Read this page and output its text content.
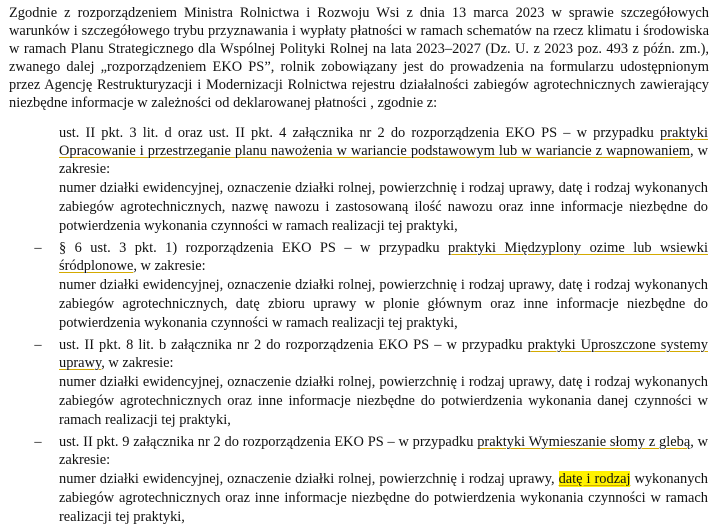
Zgodnie z rozporządzeniem Ministra Rolnictwa i Rozwoju Wsi z dnia 13 marca 2023 w sprawie szczegółowych warunków i szczegółowego trybu przyznawania i wypłaty płatności w ramach schematów na rzecz klimatu i środowiska w ramach Planu Strategicznego dla Wspólnej Polityki Rolnej na lata 2023–2027 (Dz. U. z 2023 poz. 493 z późn. zm.), zwanego dalej „rozporządzeniem EKO PS”, rolnik zobowiązany jest do prowadzenia na formularzu udostępnionym przez Agencję Restrukturyzacji i Modernizacji Rolnictwa rejestru działalności zabiegów agrotechnicznych zawierający niezbędne informacje w zależności od deklarowanej płatności , zgodnie z:

ust. II pkt. 3 lit. d oraz ust. II pkt. 4 załącznika nr 2 do rozporządzenia EKO PS – w przypadku praktyki Opracowanie i przestrzeganie planu nawożenia w wariancie podstawowym lub w wariancie z wapnowaniem, w zakresie:
numer działki ewidencyjnej, oznaczenie działki rolnej, powierzchnię i rodzaj uprawy, datę i rodzaj wykonanych zabiegów agrotechnicznych, nazwę nawozu i zastosowaną ilość nawozu oraz inne informacje niezbędne do potwierdzenia wykonania czynności w ramach realizacji tej praktyki,
–	§ 6 ust. 3 pkt. 1) rozporządzenia EKO PS – w przypadku praktyki Międzyplony ozime lub wsiewki śródplonowe, w zakresie:
numer działki ewidencyjnej, oznaczenie działki rolnej, powierzchnię i rodzaj uprawy, datę i rodzaj wykonanych zabiegów agrotechnicznych, datę zbioru uprawy w plonie głównym oraz inne informacje niezbędne do potwierdzenia wykonania czynności w ramach realizacji tej praktyki,
–	ust. II pkt. 8 lit. b załącznika nr 2 do rozporządzenia EKO PS – w przypadku praktyki Uproszczone systemy uprawy, w zakresie:
numer działki ewidencyjnej, oznaczenie działki rolnej, powierzchnię i rodzaj uprawy, datę i rodzaj wykonanych zabiegów agrotechnicznych oraz inne informacje niezbędne do potwierdzenia wykonania danej czynności w ramach realizacji tej praktyki,
–	ust. II pkt. 9 załącznika nr 2 do rozporządzenia EKO PS – w przypadku praktyki Wymieszanie słomy z glebą, w zakresie:
numer działki ewidencyjnej, oznaczenie działki rolnej, powierzchnię i rodzaj uprawy, datę i rodzaj wykonanych zabiegów agrotechnicznych oraz inne informacje niezbędne do potwierdzenia wykonania czynności w ramach realizacji tej praktyki,
